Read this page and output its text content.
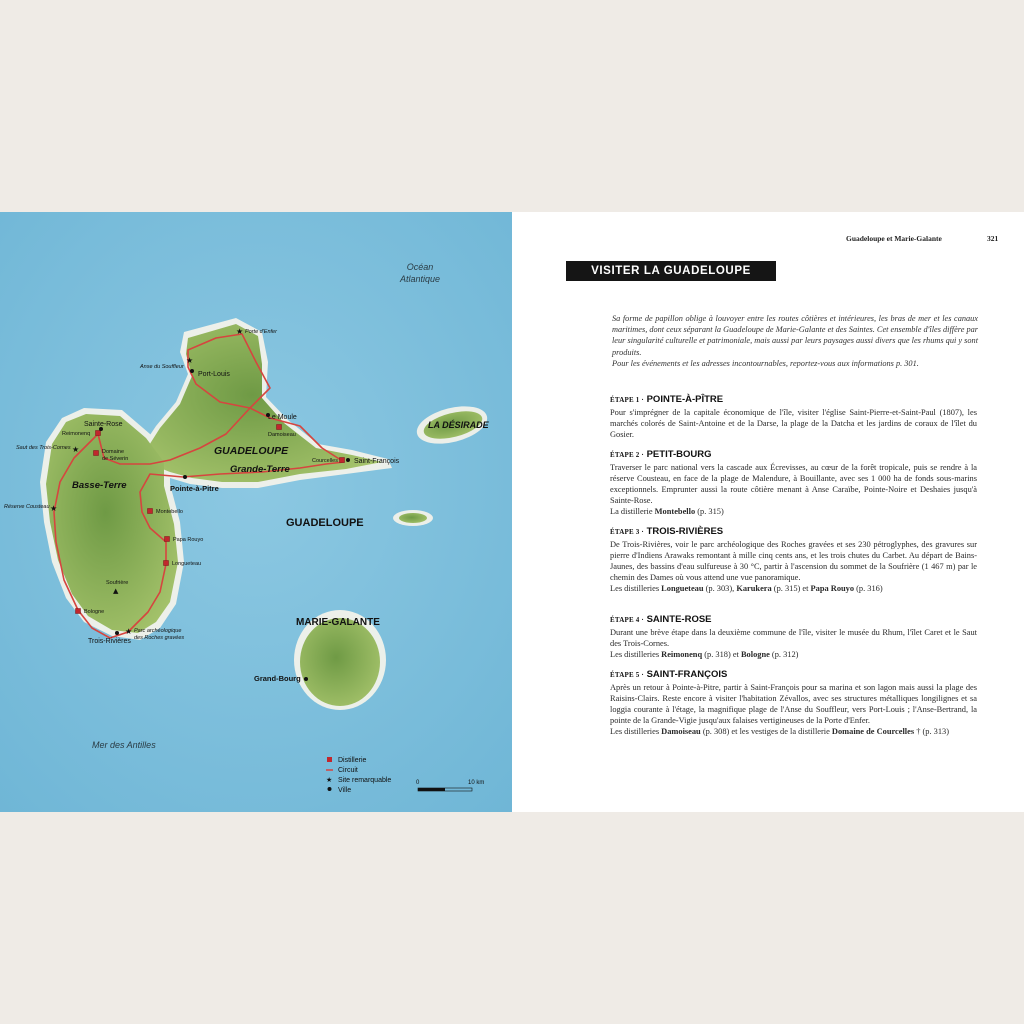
★
★
★
★
▲
★
Océan
Atlantique
Mer des Antilles
Porte d'Enfer
Anse du Souffleur
Port-Louis
Le Moule
Damoiseau
Courcelles Saint-François
Pointe-à-Pitre
Sainte-Rose
Reimonenq
Saut des Trois-Cornes
Domaine
de Séverin
Réserve Cousteau
Montebello
Papa Rouyo
Longueteau
Soufrière
Bologne
Trois-Rivières
Parc archéologique
des Roches gravées
Grand-Bourg
GUADELOUPE
Grande-Terre
Basse-Terre
GUADELOUPE
LA DÉSIRADE
MARIE-GALANTE
Distillerie
Circuit
★ Site remarquable
Ville
0	10 km
Guadeloupe et Marie-Galante	321
VISITER LA GUADELOUPE

Sa forme de papillon oblige à louvoyer entre les routes côtières et intérieures, les bras de mer et les canaux maritimes, dont ceux séparant la Guadeloupe de Marie-Galante et des Saintes. Cet ensemble d'îles diffère par leur singularité culturelle et patrimoniale, mais aussi par leurs paysages aussi divers que les rhums qui y sont produits.

Pour les événements et les adresses incontournables, reportez-vous aux informations p. 301.

ÉTAPE 1 · POINTE-À-PÎTRE

Pour s'imprégner de la capitale économique de l'île, visiter l'église Saint-Pierre-et-Saint-Paul (1807), les marchés colorés de Saint-Antoine et de la Darse, la plage de la Datcha et les jardins de coraux de l'îlet du Gosier.

ÉTAPE 2 · PETIT-BOURG

Traverser le parc national vers la cascade aux Écrevisses, au cœur de la forêt tropicale, puis se rendre à la réserve Cousteau, en face de la plage de Malendure, à Bouillante, avec ses 1 000 ha de fonds sous-marins exceptionnels. Emprunter aussi la route côtière menant à Anse Caraïbe, Pointe-Noire et Deshaies jusqu'à Sainte-Rose.

La distillerie Montebello (p. 315)

ÉTAPE 3 · TROIS-RIVIÈRES

De Trois-Rivières, voir le parc archéologique des Roches gravées et ses 230 pétroglyphes, des gravures sur pierre d'Indiens Arawaks remontant à mille cinq cents ans, et les trois chutes du Carbet. Au départ de Bains-Jaunes, des bassins d'eau sulfureuse à 30 °C, partir à l'ascension du sommet de la Soufrière (1 467 m) par le chemin des Dames où vous attend une vue panoramique.

Les distilleries Longueteau (p. 303), Karukera (p. 315) et Papa Rouyo (p. 316)

ÉTAPE 4 · SAINTE-ROSE

Durant une brève étape dans la deuxième commune de l'île, visiter le musée du Rhum, l'îlet Caret et le Saut des Trois-Cornes.

Les distilleries Reimonenq (p. 318) et Bologne (p. 312)

ÉTAPE 5 · SAINT-FRANÇOIS

Après un retour à Pointe-à-Pitre, partir à Saint-François pour sa marina et son lagon mais aussi la plage des Raisins-Clairs. Reste encore à visiter l'habitation Zévallos, avec ses structures métalliques longilignes et sa loggia courante à l'étage, la magnifique plage de l'Anse du Souffleur, vers Port-Louis ; l'Anse-Bertrand, la pointe de la Grande-Vigie jusqu'aux falaises vertigineuses de la Porte d'Enfer.

Les distilleries Damoiseau (p. 308) et les vestiges de la distillerie Domaine de Courcelles † (p. 313)
